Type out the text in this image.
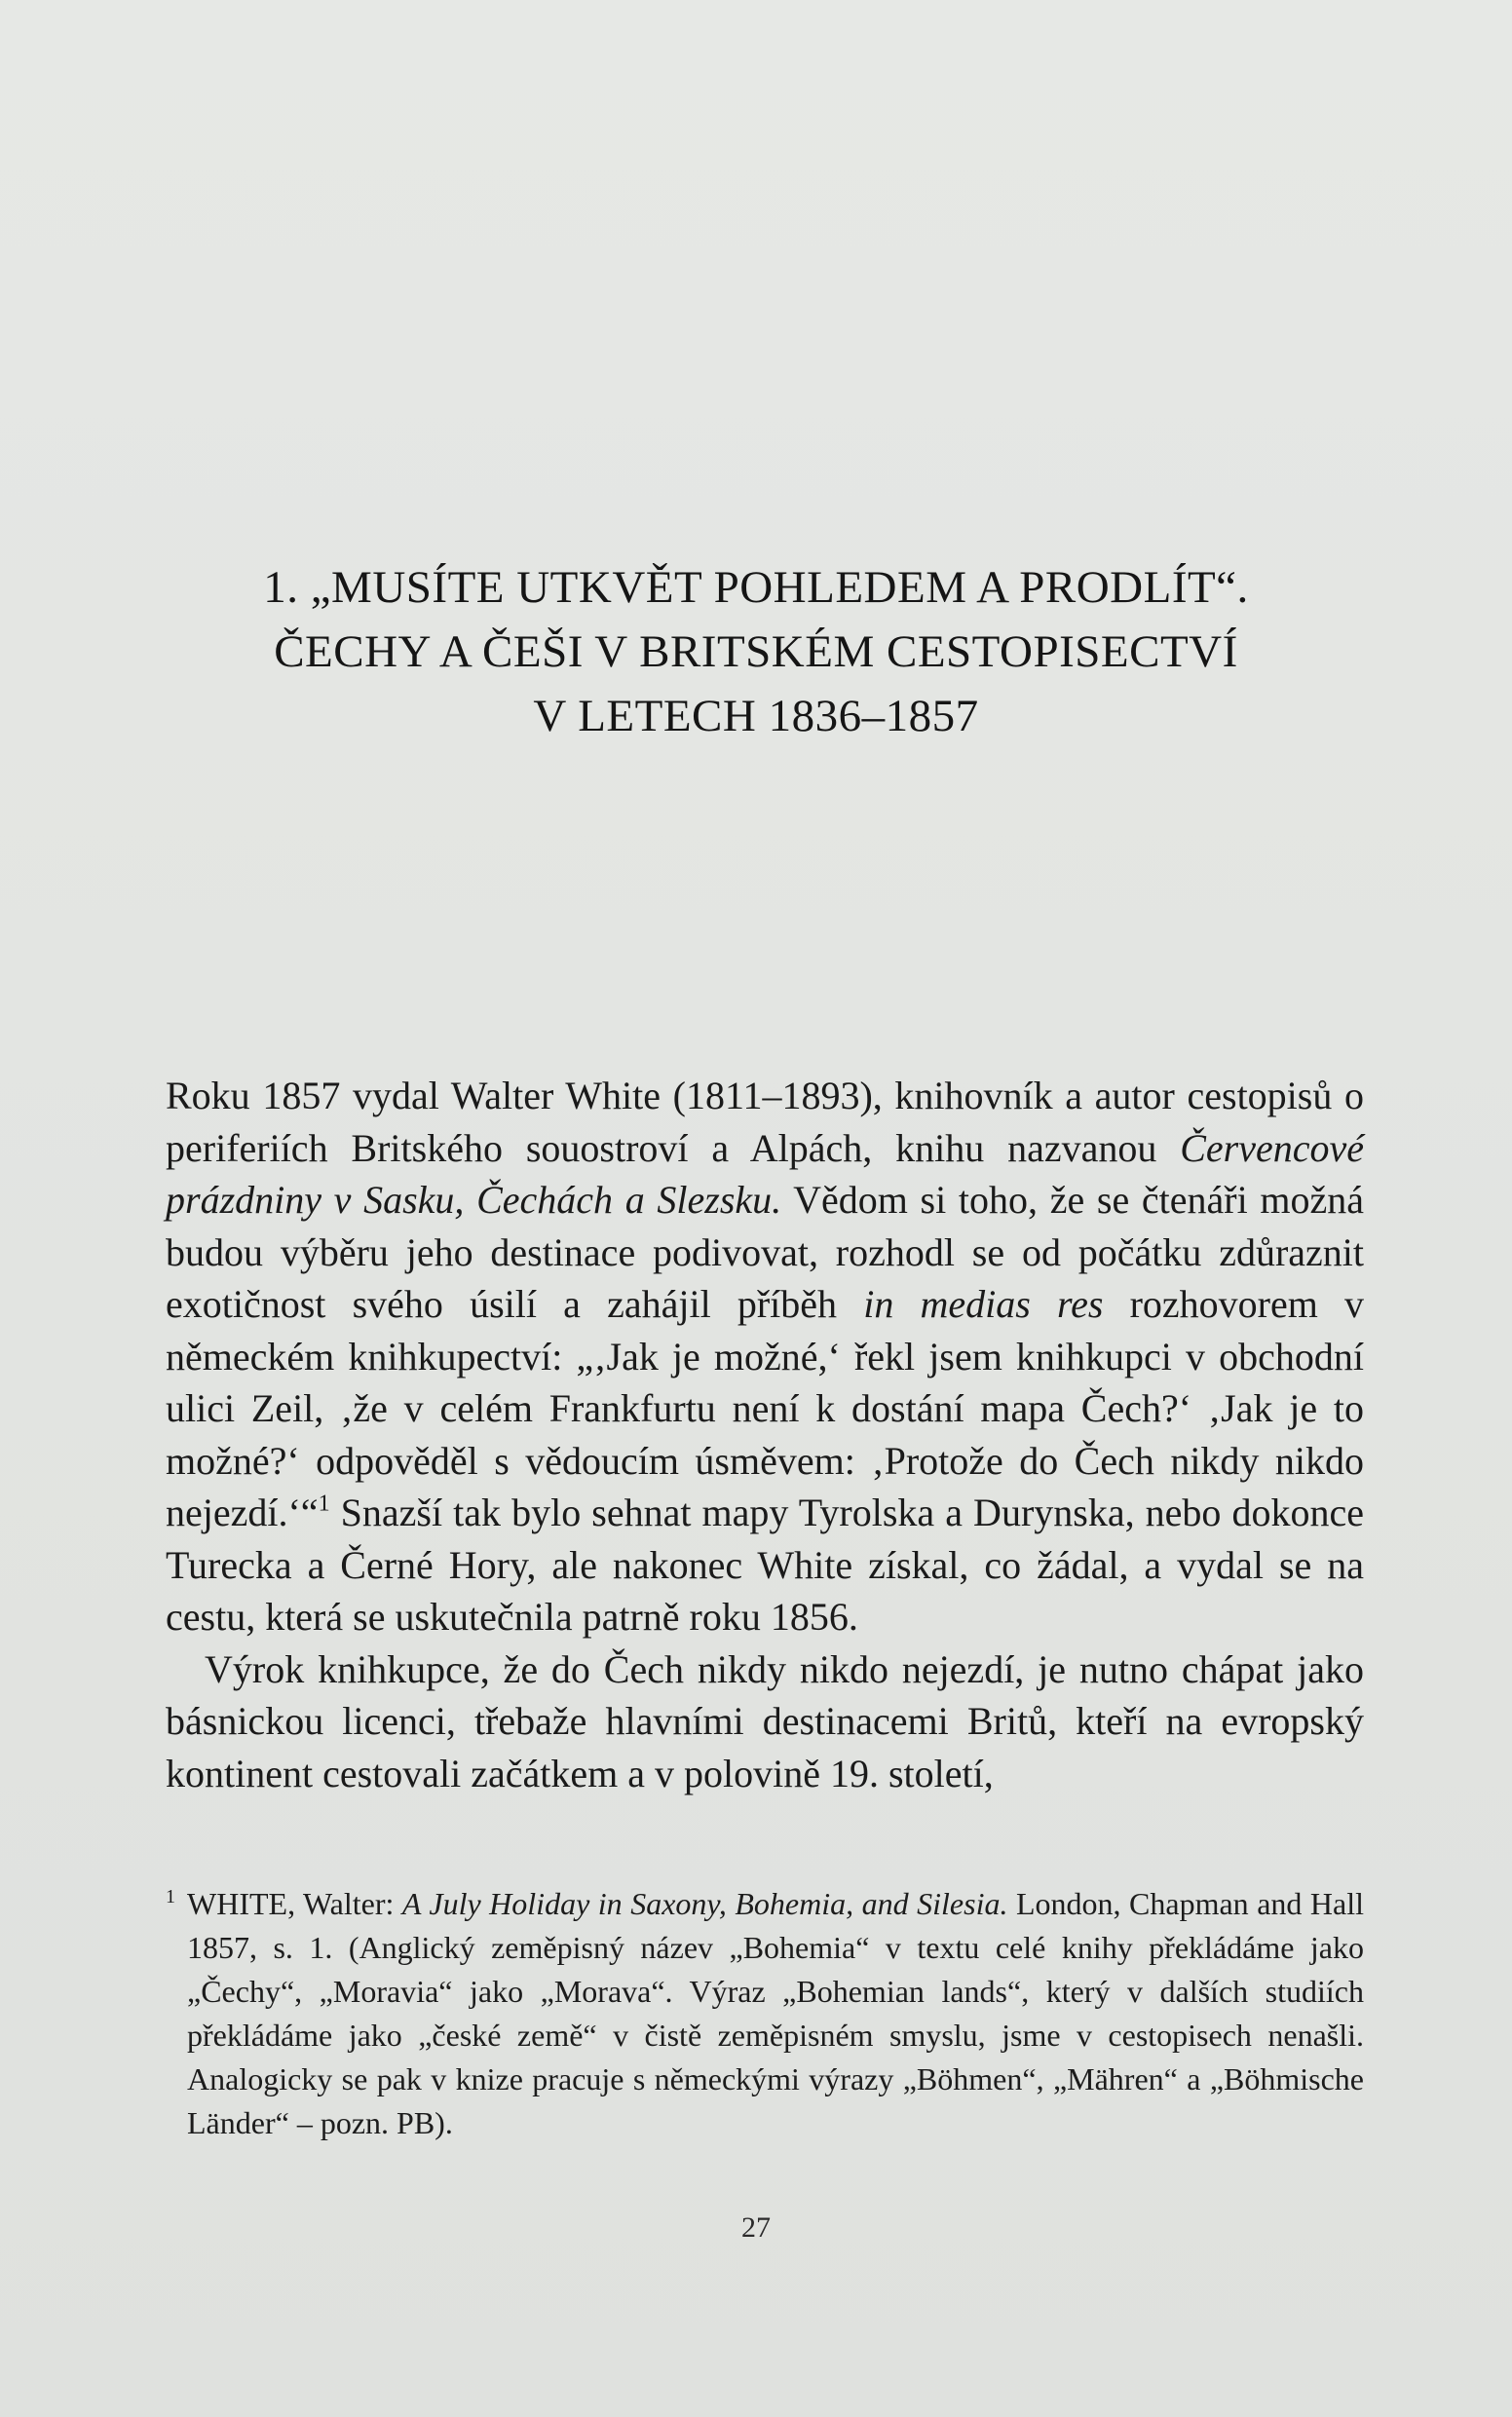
1. „MUSÍTE UTKVĚT POHLEDEM A PRODLÍT“.
ČECHY A ČEŠI V BRITSKÉM CESTOPISECTVÍ
V LETECH 1836–1857

Roku 1857 vydal Walter White (1811–1893), knihovník a autor cestopisů o periferiích Britského souostroví a Alpách, knihu nazvanou Červencové prázdniny v Sasku, Čechách a Slezsku. Vědom si toho, že se čtenáři možná budou výběru jeho destinace podivovat, rozhodl se od počátku zdůraznit exotičnost svého úsilí a zahájil příběh in medias res rozhovorem v německém knihkupectví: „‚Jak je možné,‘ řekl jsem knihkupci v obchodní ulici Zeil, ‚že v celém Frankfurtu není k dostání mapa Čech?‘ ‚Jak je to možné?‘ odpověděl s vědoucím úsměvem: ‚Protože do Čech nikdy nikdo nejezdí.‘“$^1$ Snazší tak bylo sehnat mapy Tyrolska a Durynska, nebo dokonce Turecka a Černé Hory, ale nakonec White získal, co žádal, a vydal se na cestu, která se uskutečnila patrně roku 1856.

Výrok knihkupce, že do Čech nikdy nikdo nejezdí, je nutno chápat jako básnickou licenci, třebaže hlavními destinacemi Britů, kteří na evropský kontinent cestovali začátkem a v polovině 19. století,

1 WHITE, Walter: A July Holiday in Saxony, Bohemia, and Silesia. London, Chapman and Hall 1857, s. 1. (Anglický zeměpisný název „Bohemia“ v textu celé knihy překládáme jako „Čechy“, „Moravia“ jako „Morava“. Výraz „Bohemian lands“, který v dalších studiích překládáme jako „české země“ v čistě zeměpisném smyslu, jsme v cestopisech nenašli. Analogicky se pak v knize pracuje s německými výrazy „Böhmen“, „Mähren“ a „Böhmische Länder“ – pozn. PB).
27
